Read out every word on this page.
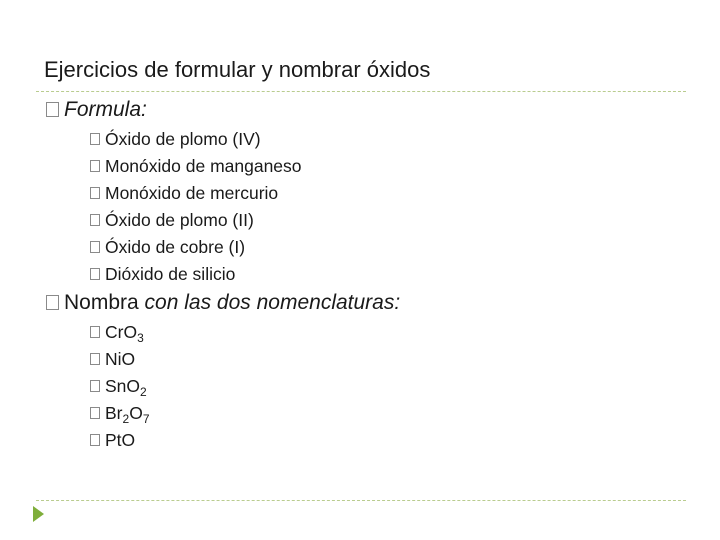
Ejercicios de formular y nombrar óxidos
Formula:
Óxido de plomo (IV)
Monóxido de manganeso
Monóxido de mercurio
Óxido de plomo (II)
Óxido de cobre (I)
Dióxido de silicio
Nombra con las dos nomenclaturas:
CrO$_3$
NiO
SnO$_2$
$Br_2O_7$
PtO
